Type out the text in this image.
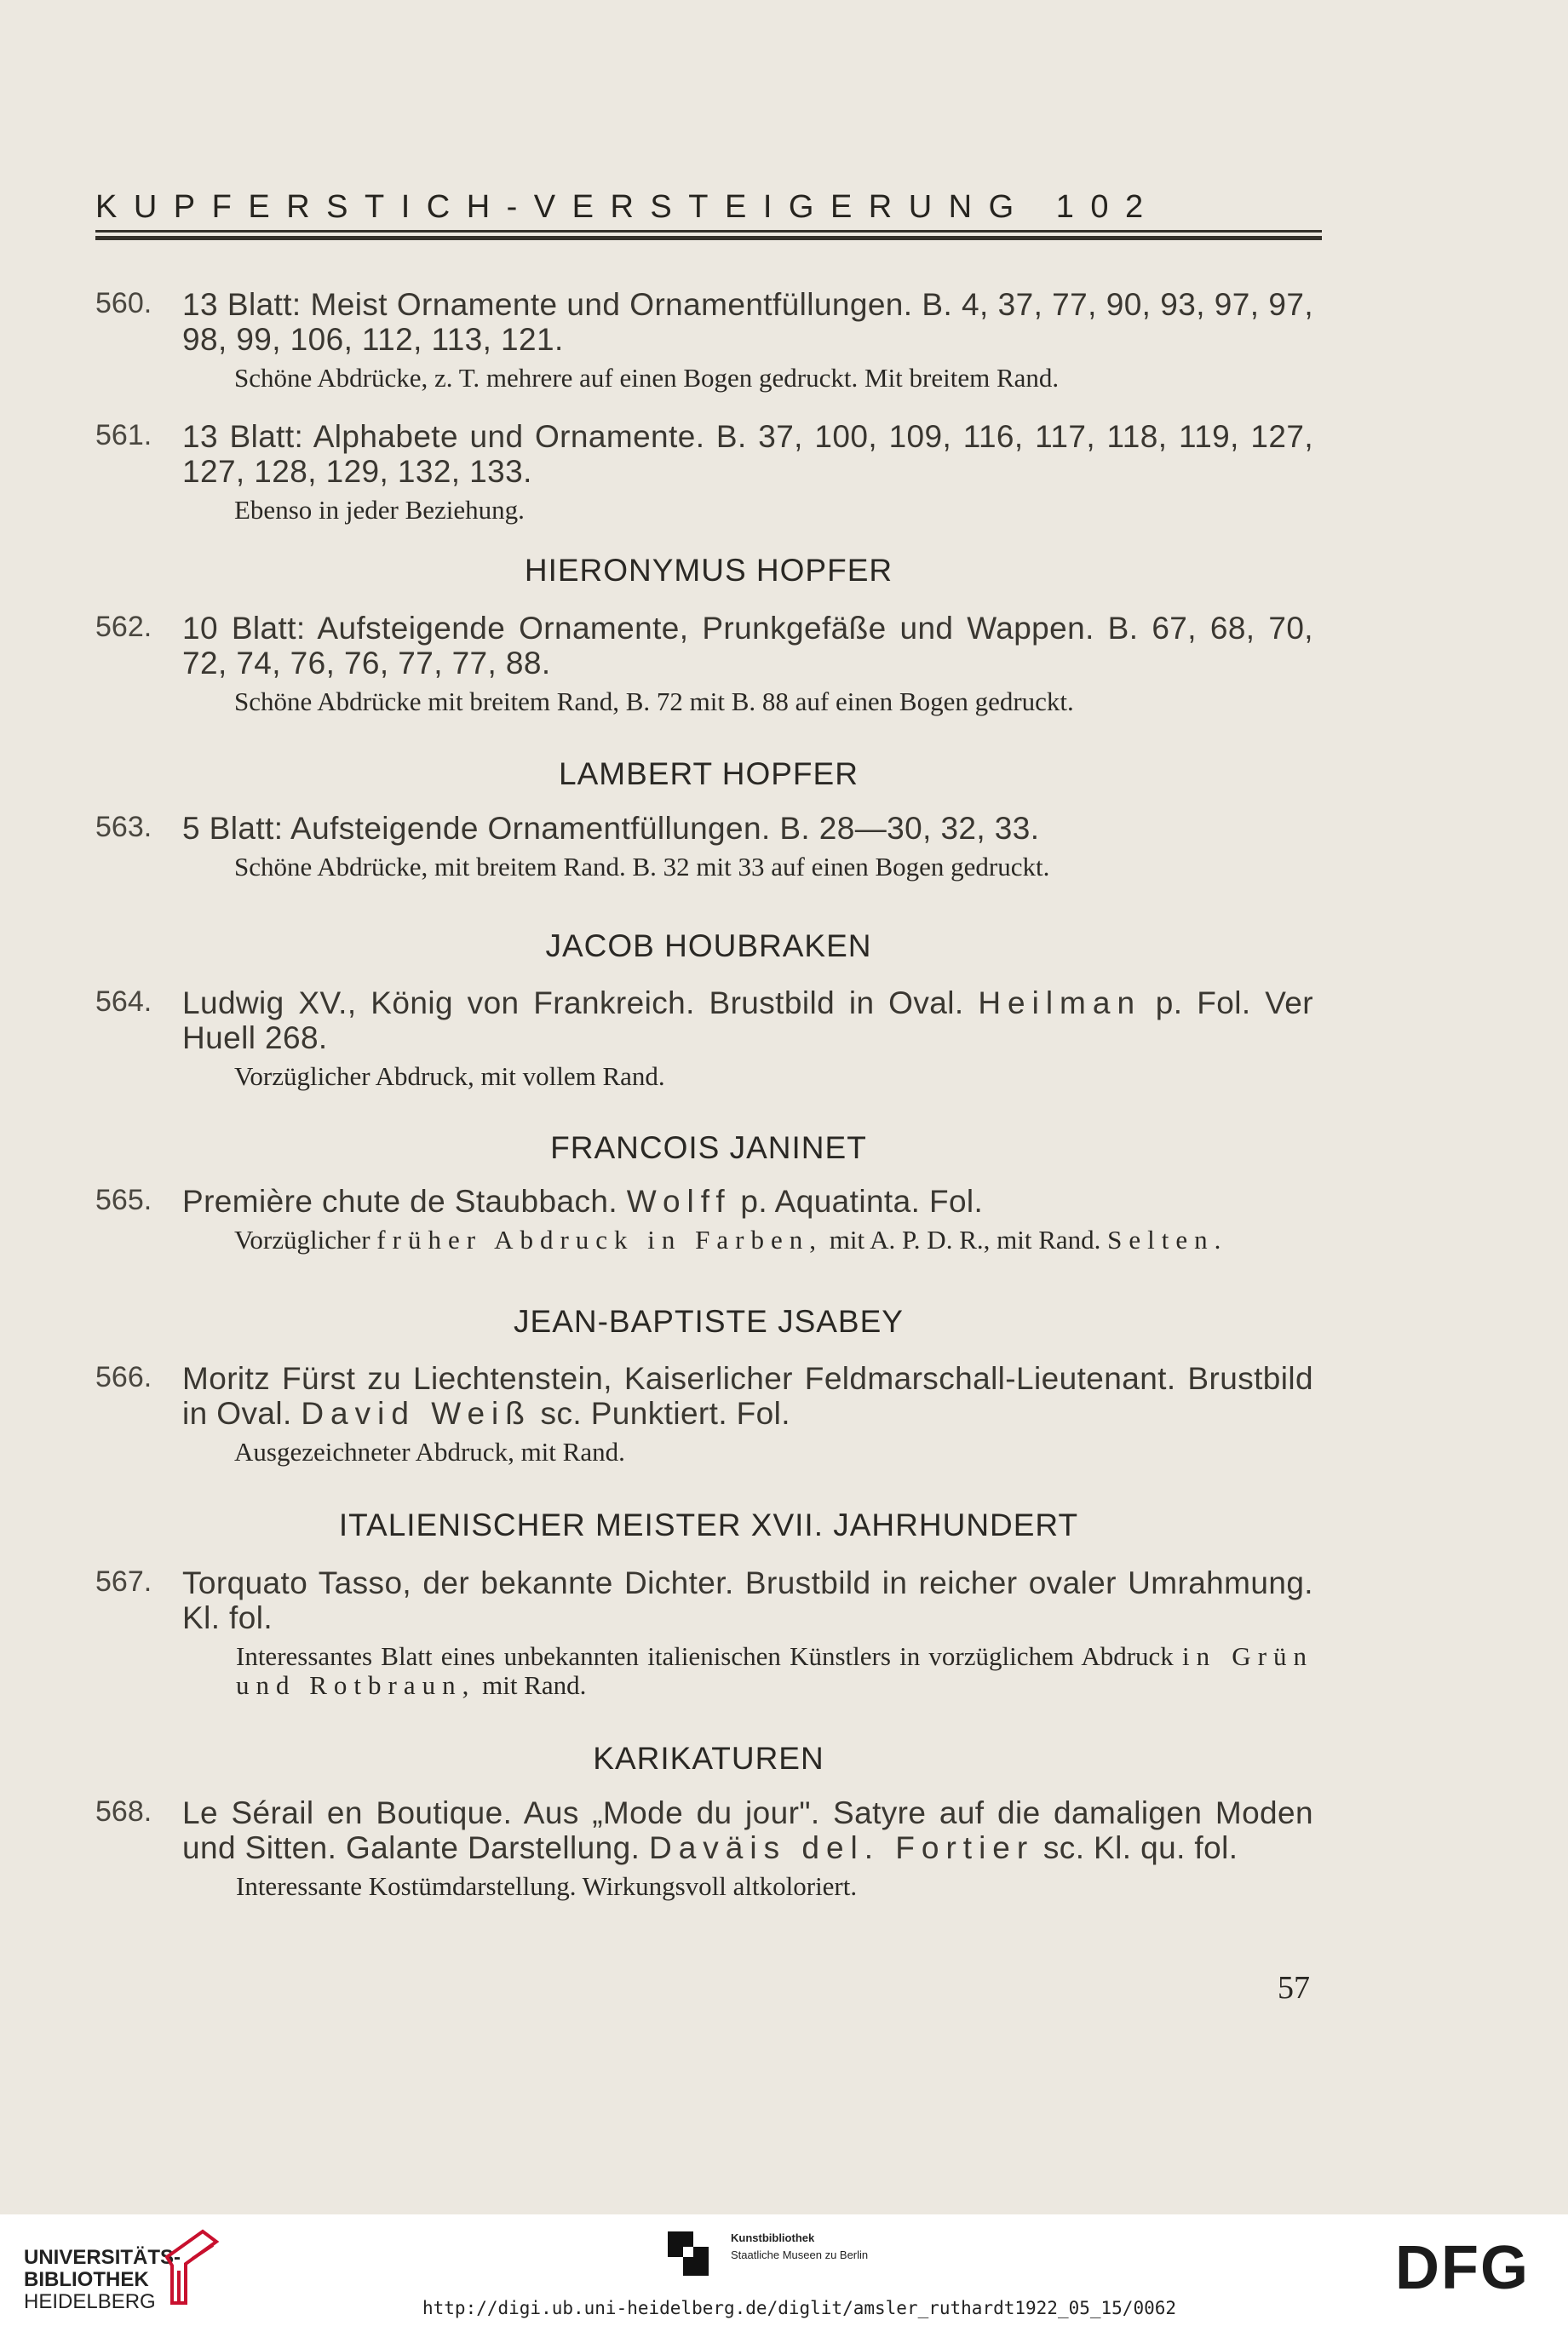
KUPFERSTICH-VERSTEIGERUNG 102
560. 13 Blatt: Meist Ornamente und Ornamentfüllungen. B. 4, 37, 77, 90, 93, 97, 97, 98, 99, 106, 112, 113, 121.
Schöne Abdrücke, z. T. mehrere auf einen Bogen gedruckt. Mit breitem Rand.
561. 13 Blatt: Alphabete und Ornamente. B. 37, 100, 109, 116, 117, 118, 119, 127, 127, 128, 129, 132, 133.
Ebenso in jeder Beziehung.
HIERONYMUS HOPFER
562. 10 Blatt: Aufsteigende Ornamente, Prunkgefäße und Wappen. B. 67, 68, 70, 72, 74, 76, 76, 77, 77, 88.
Schöne Abdrücke mit breitem Rand, B. 72 mit B. 88 auf einen Bogen gedruckt.
LAMBERT HOPFER
563. 5 Blatt: Aufsteigende Ornamentfüllungen. B. 28—30, 32, 33.
Schöne Abdrücke, mit breitem Rand. B. 32 mit 33 auf einen Bogen gedruckt.
JACOB HOUBRAKEN
564. Ludwig XV., König von Frankreich. Brustbild in Oval. Heilman p. Fol. Ver Huell 268.
Vorzüglicher Abdruck, mit vollem Rand.
FRANCOIS JANINET
565. Première chute de Staubbach. Wolff p. Aquatinta. Fol.
Vorzüglicher früher Abdruck in Farben, mit A. P. D. R., mit Rand. Selten.
JEAN-BAPTISTE JSABEY
566. Moritz Fürst zu Liechtenstein, Kaiserlicher Feldmarschall-Lieutenant. Brustbild in Oval. David Weiß sc. Punktiert. Fol.
Ausgezeichneter Abdruck, mit Rand.
ITALIENISCHER MEISTER XVII. JAHRHUNDERT
567. Torquato Tasso, der bekannte Dichter. Brustbild in reicher ovaler Umrahmung. Kl. fol.
Interessantes Blatt eines unbekannten italienischen Künstlers in vorzüglichem Abdruck in Grün und Rotbraun, mit Rand.
KARIKATUREN
568. Le Sérail en Boutique. Aus „Mode du jour". Satyre auf die damaligen Moden und Sitten. Galante Darstellung. Daväis del. Fortier sc. Kl. qu. fol.
Interessante Kostümdarstellung. Wirkungsvoll altkoloriert.
57
UNIVERSITÄTS-
BIBLIOTHEK
HEIDELBERG
Kunstbibliothek
Staatliche Museen zu Berlin
http://digi.ub.uni-heidelberg.de/diglit/amsler_ruthardt1922_05_15/0062
DFG
